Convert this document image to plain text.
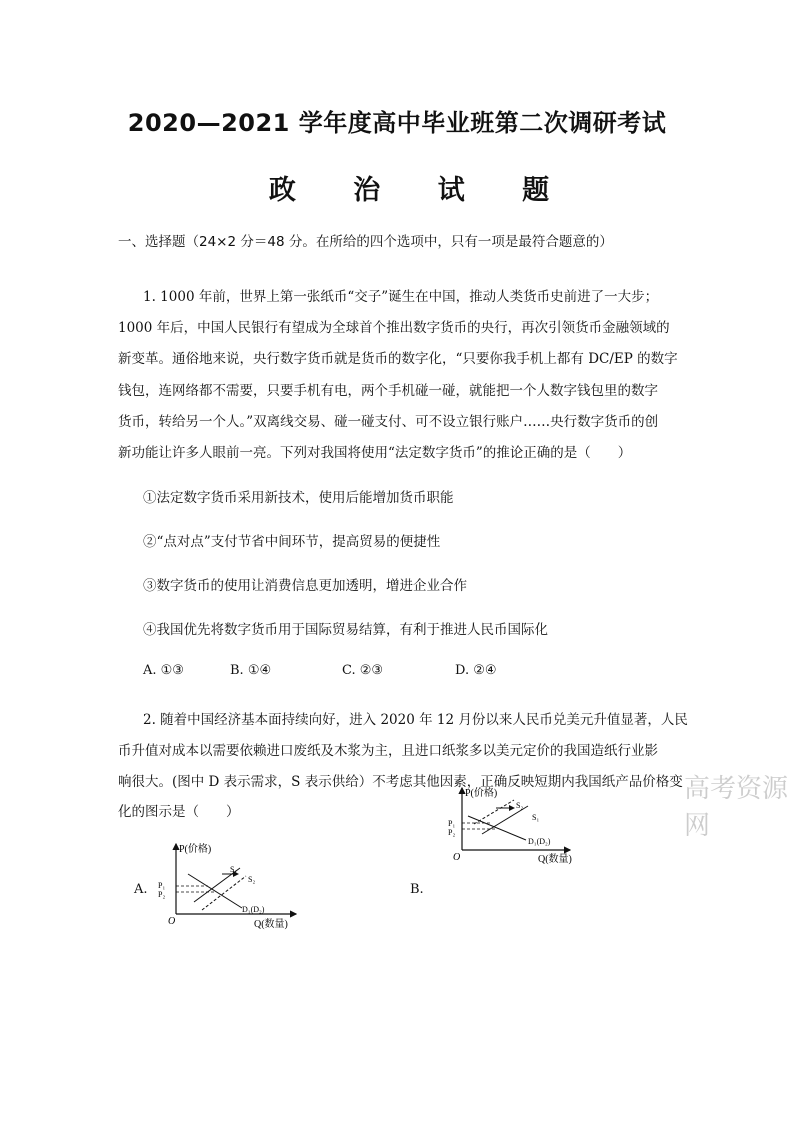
2020—2021 学年度高中毕业班第二次调研考试
政 治 试 题
一、选择题（24×2 分＝48 分。在所给的四个选项中，只有一项是最符合题意的）
1. 1000 年前，世界上第一张纸币“交子”诞生在中国，推动人类货币史前进了一大步；
1000 年后，中国人民银行有望成为全球首个推出数字货币的央行，再次引领货币金融领域的
新变革。通俗地来说，央行数字货币就是货币的数字化，“只要你我手机上都有 DC/EP 的数字
钱包，连网络都不需要，只要手机有电，两个手机碰一碰，就能把一个人数字钱包里的数字
货币，转给另一个人。”双离线交易、碰一碰支付、可不设立银行账户……央行数字货币的创
新功能让许多人眼前一亮。下列对我国将使用“法定数字货币”的推论正确的是（　　）
①法定数字货币采用新技术，使用后能增加货币职能
②“点对点”支付节省中间环节，提高贸易的便捷性
③数字货币的使用让消费信息更加透明，增进企业合作
④我国优先将数字货币用于国际贸易结算，有利于推进人民币国际化
A. ①③	B. ①④	C. ②③	D. ②④
2. 随着中国经济基本面持续向好，进入 2020 年 12 月份以来人民币兑美元升值显著，人民
币升值对成本以需要依赖进口废纸及木浆为主，且进口纸浆多以美元定价的我国造纸行业影
响很大。(图中 D 表示需求，S 表示供给）不考虑其他因素，正确反映短期内我国纸产品价格变
化的图示是（　　）
高考资源网
P(价格)
Q(数量)
O
P₁
P₂
S₂
S₁
D₁(D₂)
A.
P(价格)
Q(数量)
O
P₁
P₂
S₁
S₂
D₁(D₂)
B.
